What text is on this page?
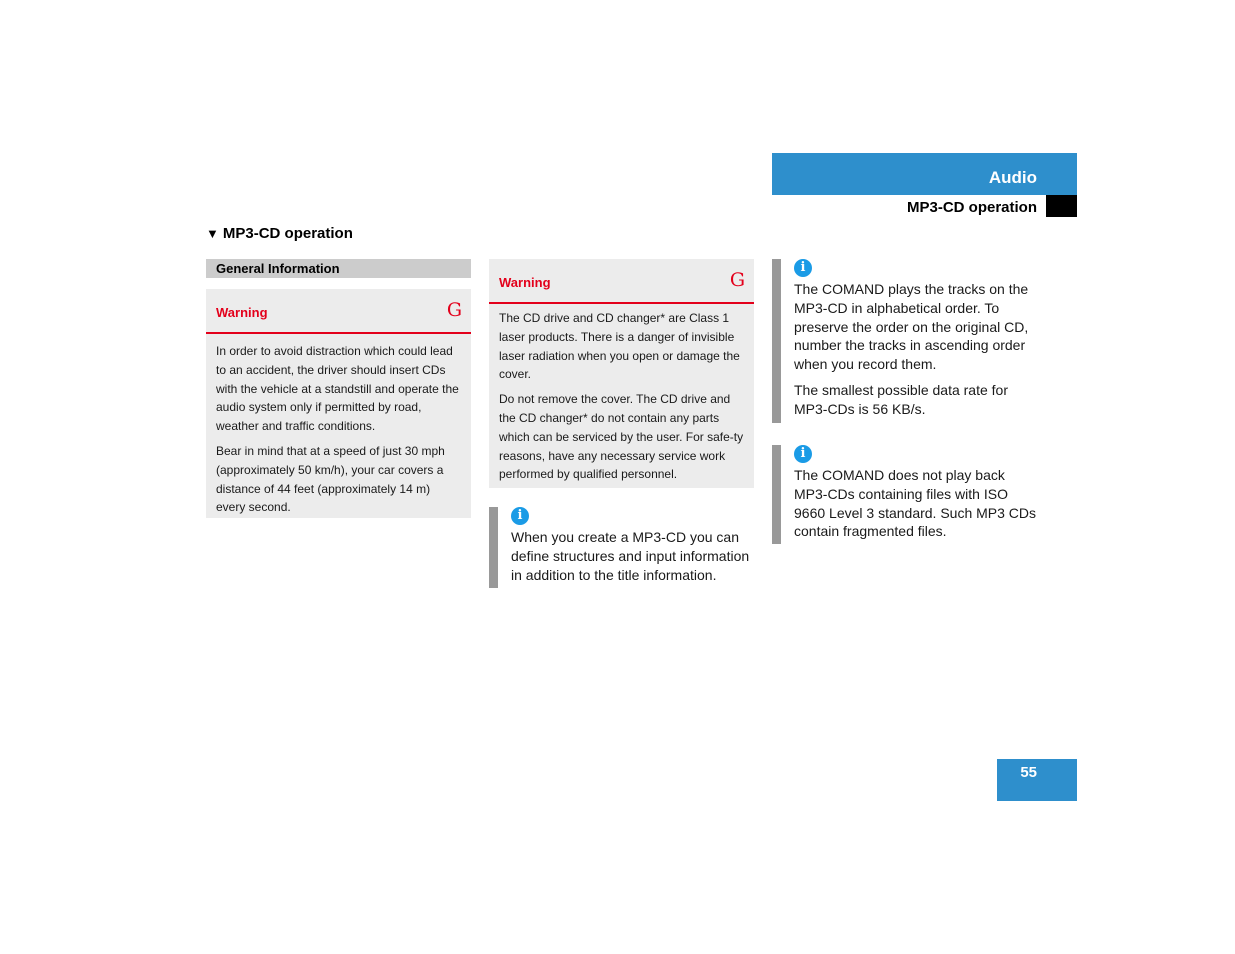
Audio
MP3-CD operation
▼ MP3-CD operation
General Information
Warning	G

In order to avoid distraction which could lead to an accident, the driver should insert CDs with the vehicle at a standstill and operate the audio system only if permitted by road, weather and traffic conditions.

Bear in mind that at a speed of just 30 mph (approximately 50 km/h), your car covers a distance of 44 feet (approximately 14 m) every second.

Warning	G

The CD drive and CD changer* are Class 1 laser products. There is a danger of invisible laser radiation when you open or damage the cover.

Do not remove the cover. The CD drive and the CD changer* do not contain any parts which can be serviced by the user. For safe-ty reasons, have any necessary service work performed by qualified personnel.

i

When you create a MP3-CD you can define structures and input information in addition to the title information.

i

The COMAND plays the tracks on the MP3-CD in alphabetical order. To preserve the order on the original CD, number the tracks in ascending order when you record them.

The smallest possible data rate for MP3-CDs is 56 KB/s.

i

The COMAND does not play back MP3-CDs containing files with ISO 9660 Level 3 standard. Such MP3 CDs contain fragmented files.

55
